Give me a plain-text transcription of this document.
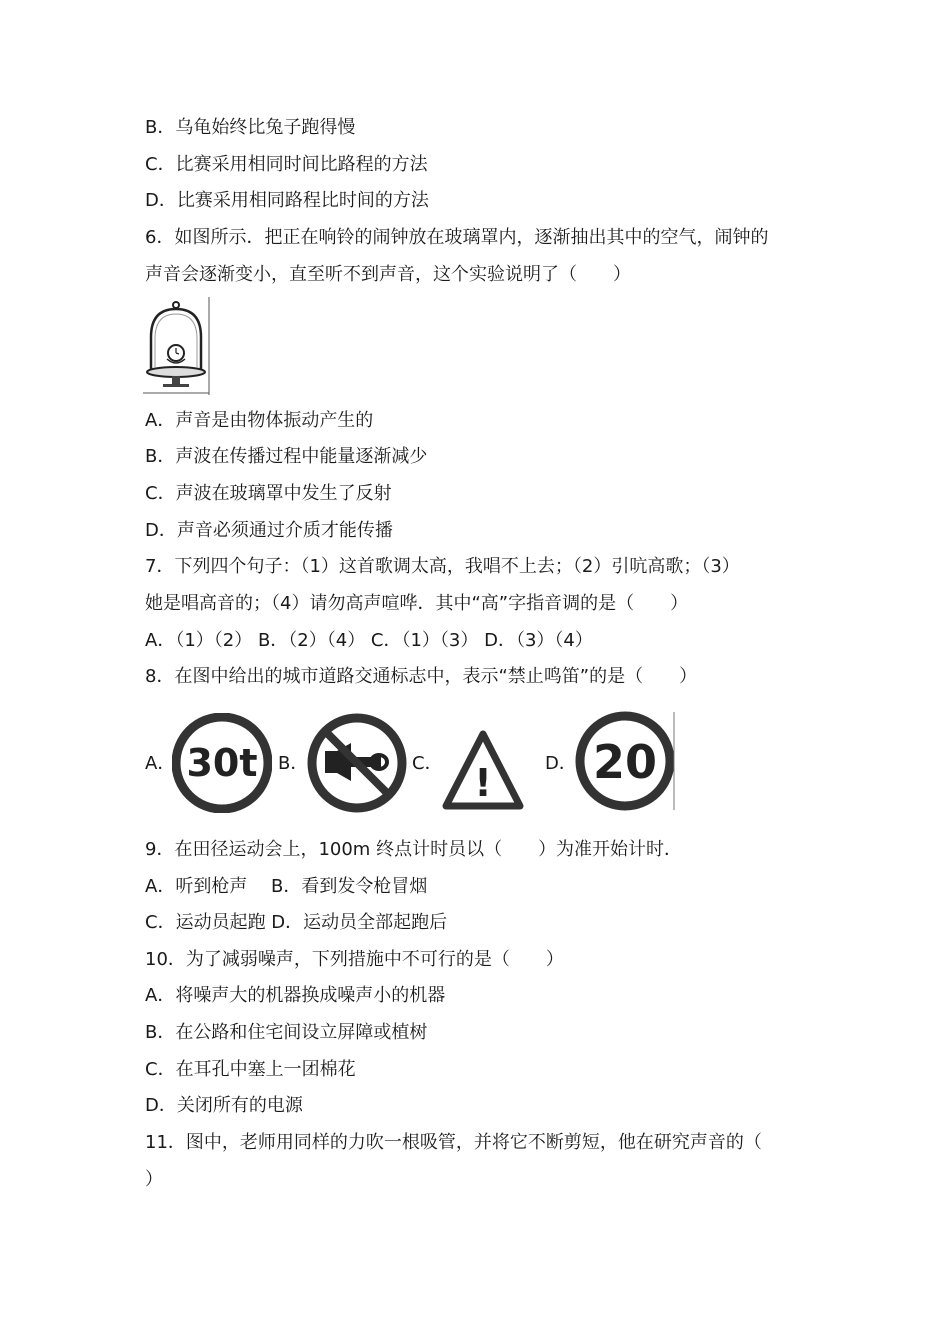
B．乌龟始终比兔子跑得慢
C．比赛采用相同时间比路程的方法
D．比赛采用相同路程比时间的方法
6．如图所示．把正在响铃的闹钟放在玻璃罩内，逐渐抽出其中的空气，闹钟的
声音会逐渐变小，直至听不到声音，这个实验说明了（　　）
A．声音是由物体振动产生的
B．声波在传播过程中能量逐渐减少
C．声波在玻璃罩中发生了反射
D．声音必须通过介质才能传播
7．下列四个句子：（1）这首歌调太高，我唱不上去；（2）引吭高歌；（3）
她是唱高音的；（4）请勿高声喧哗．其中“高”字指音调的是（　　）
A．（1）（2） B．（2）（4） C．（1）（3） D．（3）（4）
8．在图中给出的城市道路交通标志中，表示“禁止鸣笛”的是（　　）
A． 30t B．	C． !	D． 20
9．在田径运动会上，100m 终点计时员以（　　）为准开始计时．
A．听到枪声　 B．看到发令枪冒烟
C．运动员起跑 D．运动员全部起跑后
10．为了减弱噪声，下列措施中不可行的是（　　）
A．将噪声大的机器换成噪声小的机器
B．在公路和住宅间设立屏障或植树
C．在耳孔中塞上一团棉花
D．关闭所有的电源
11．图中，老师用同样的力吹一根吸管，并将它不断剪短，他在研究声音的（
）
